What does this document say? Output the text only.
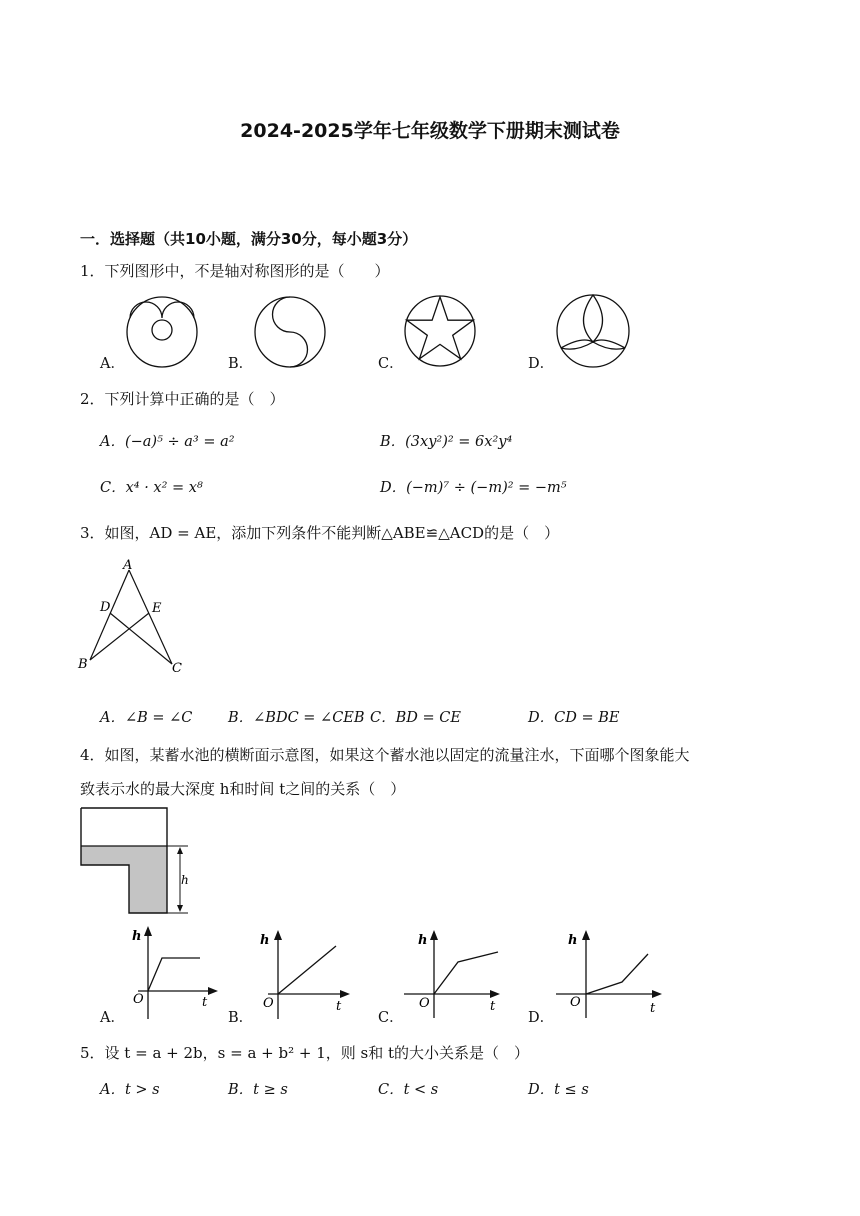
2024-2025学年七年级数学下册期末测试卷
一．选择题（共10小题，满分30分，每小题3分）
1．下列图形中，不是轴对称图形的是（　　）
A．	B．	C．	D．
2．下列计算中正确的是（　）
A．(−a)⁵ ÷ a³ = a²	B．(3xy²)² = 6x²y⁴
C．x⁴ · x² = x⁸	D．(−m)⁷ ÷ (−m)² = −m⁵
3．如图，AD = AE，添加下列条件不能判断△ABE≌△ACD的是（　）
A
D	E
B	C
A．∠B = ∠C B．∠BDC = ∠CEB C．BD = CE	D．CD = BE
4．如图，某蓄水池的横断面示意图，如果这个蓄水池以固定的流量注水，下面哪个图象能大
致表示水的最大深度 h和时间 t之间的关系（　）
h
A．
h
t
O
B．
h
t
O
C．
h
t
O
D．
h
t
O
5．设 t = a + 2b，s = a + b² + 1，则 s和 t的大小关系是（　）
A．t > s	B．t ≥ s	C．t < s	D．t ≤ s
